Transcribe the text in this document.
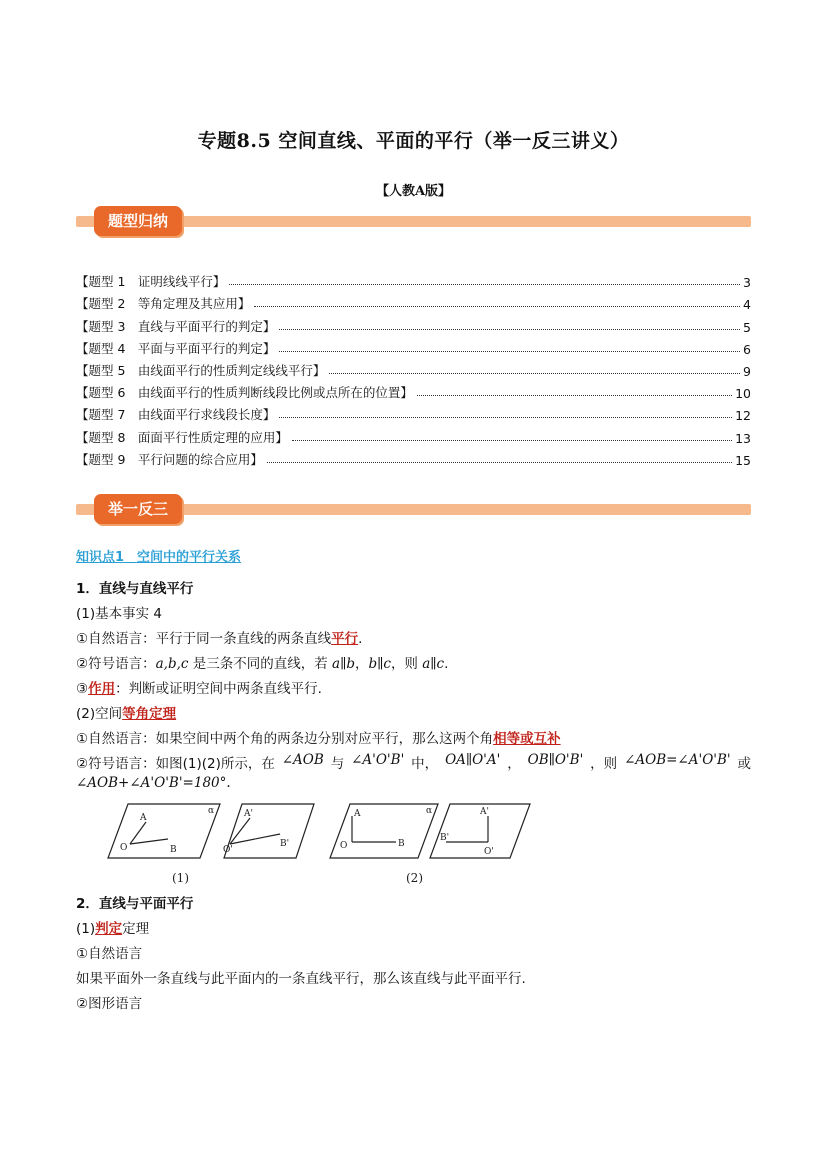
专题8.5 空间直线、平面的平行（举一反三讲义）
【人教A版】
题型归纳
【题型 1　证明线线平行】	3
【题型 2　等角定理及其应用】	4
【题型 3　直线与平面平行的判定】	5
【题型 4　平面与平面平行的判定】	6
【题型 5　由线面平行的性质判定线线平行】	9
【题型 6　由线面平行的性质判断线段比例或点所在的位置】	10
【题型 7　由线面平行求线段长度】	12
【题型 8　面面平行性质定理的应用】	13
【题型 9　平行问题的综合应用】	15
举一反三
知识点1　空间中的平行关系
1．直线与直线平行
(1)基本事实 4
①自然语言：平行于同一条直线的两条直线平行.
②符号语言：a,b,c 是三条不同的直线，若 a∥b，b∥c，则 a∥c.
③作用：判断或证明空间中两条直线平行.
(2)空间等角定理
①自然语言：如果空间中两个角的两条边分别对应平行，那么这两个角相等或互补
②符号语言：如图(1)(2)所示，在 ∠AOB 与 ∠A'O'B' 中， OA∥O'A' ， OB∥O'B' ，则 ∠AOB=∠A'O'B' 或
∠AOB+∠A'O'B'=180°.
A
O	B
α	A'
O'
B'
A
O	B
α	A'
O'
B'
(1)	(2)
2．直线与平面平行
(1)判定定理
①自然语言
如果平面外一条直线与此平面内的一条直线平行，那么该直线与此平面平行.
②图形语言
